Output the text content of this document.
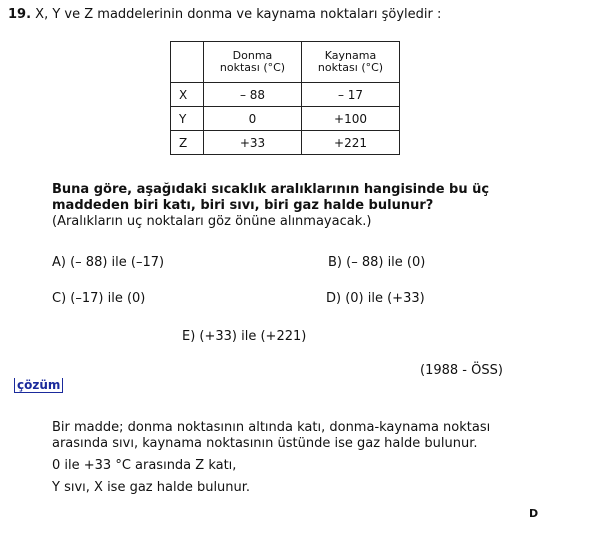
19. X, Y ve Z maddelerinin donma ve kaynama noktaları şöyledir :
	Donma noktası (°C)	Kaynama noktası (°C)
X	– 88	– 17
Y	0	+100
Z	+33	+221
Buna göre, aşağıdaki sıcaklık aralıklarının hangisinde bu üç
maddeden biri katı, biri sıvı, biri gaz halde bulunur?
(Aralıkların uç noktaları göz önüne alınmayacak.)
A) (– 88) ile (–17)	B) (– 88) ile (0)
C) (–17) ile (0)	D) (0) ile (+33)
E) (+33) ile (+221)
(1988 - ÖSS)
çözüm

Bir madde; donma noktasının altında katı, donma-kaynama noktası arasında sıvı, kaynama noktasının üstünde ise gaz halde bulunur.

0 ile +33 °C arasında Z katı,

Y sıvı, X ise gaz halde bulunur.

D
